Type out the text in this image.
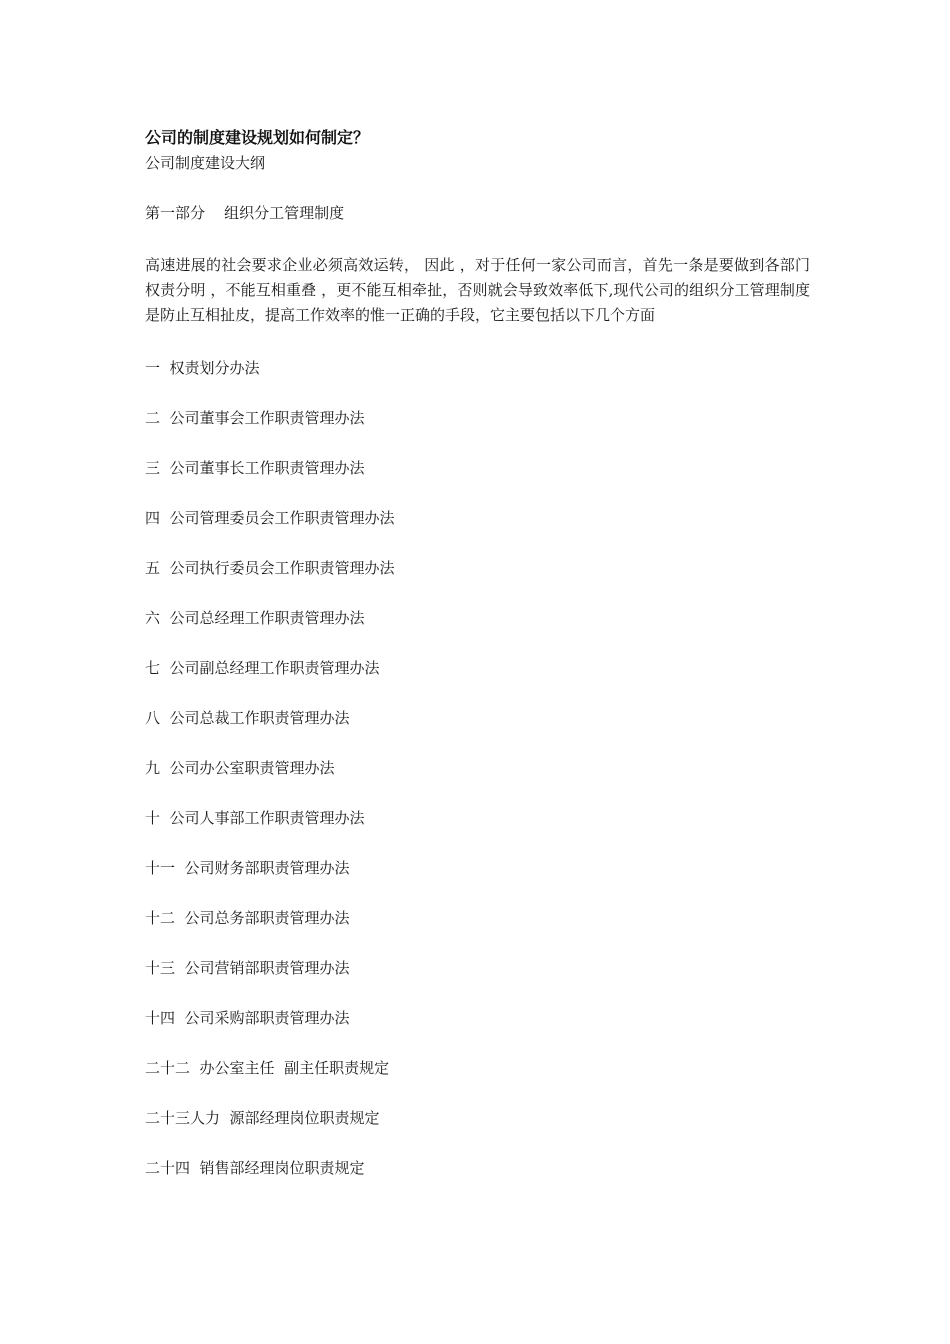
公司的制度建设规划如何制定？

公司制度建设大纲

第一部分    组织分工管理制度

高速进展的社会要求企业必须高效运转， 因此 ，对于任何一家公司而言，首先一条是要做到各部门权责分明 ，不能互相重叠 ，更不能互相牵扯，否则就会导致效率低下,现代公司的组织分工管理制度是防止互相扯皮，提高工作效率的惟一正确的手段，它主要包括以下几个方面

一  权责划分办法
二  公司董事会工作职责管理办法
三  公司董事长工作职责管理办法
四  公司管理委员会工作职责管理办法
五  公司执行委员会工作职责管理办法
六  公司总经理工作职责管理办法
七  公司副总经理工作职责管理办法
八  公司总裁工作职责管理办法
九  公司办公室职责管理办法
十  公司人事部工作职责管理办法
十一  公司财务部职责管理办法
十二  公司总务部职责管理办法
十三  公司营销部职责管理办法
十四  公司采购部职责管理办法
二十二  办公室主任  副主任职责规定
二十三人力  源部经理岗位职责规定
二十四  销售部经理岗位职责规定
